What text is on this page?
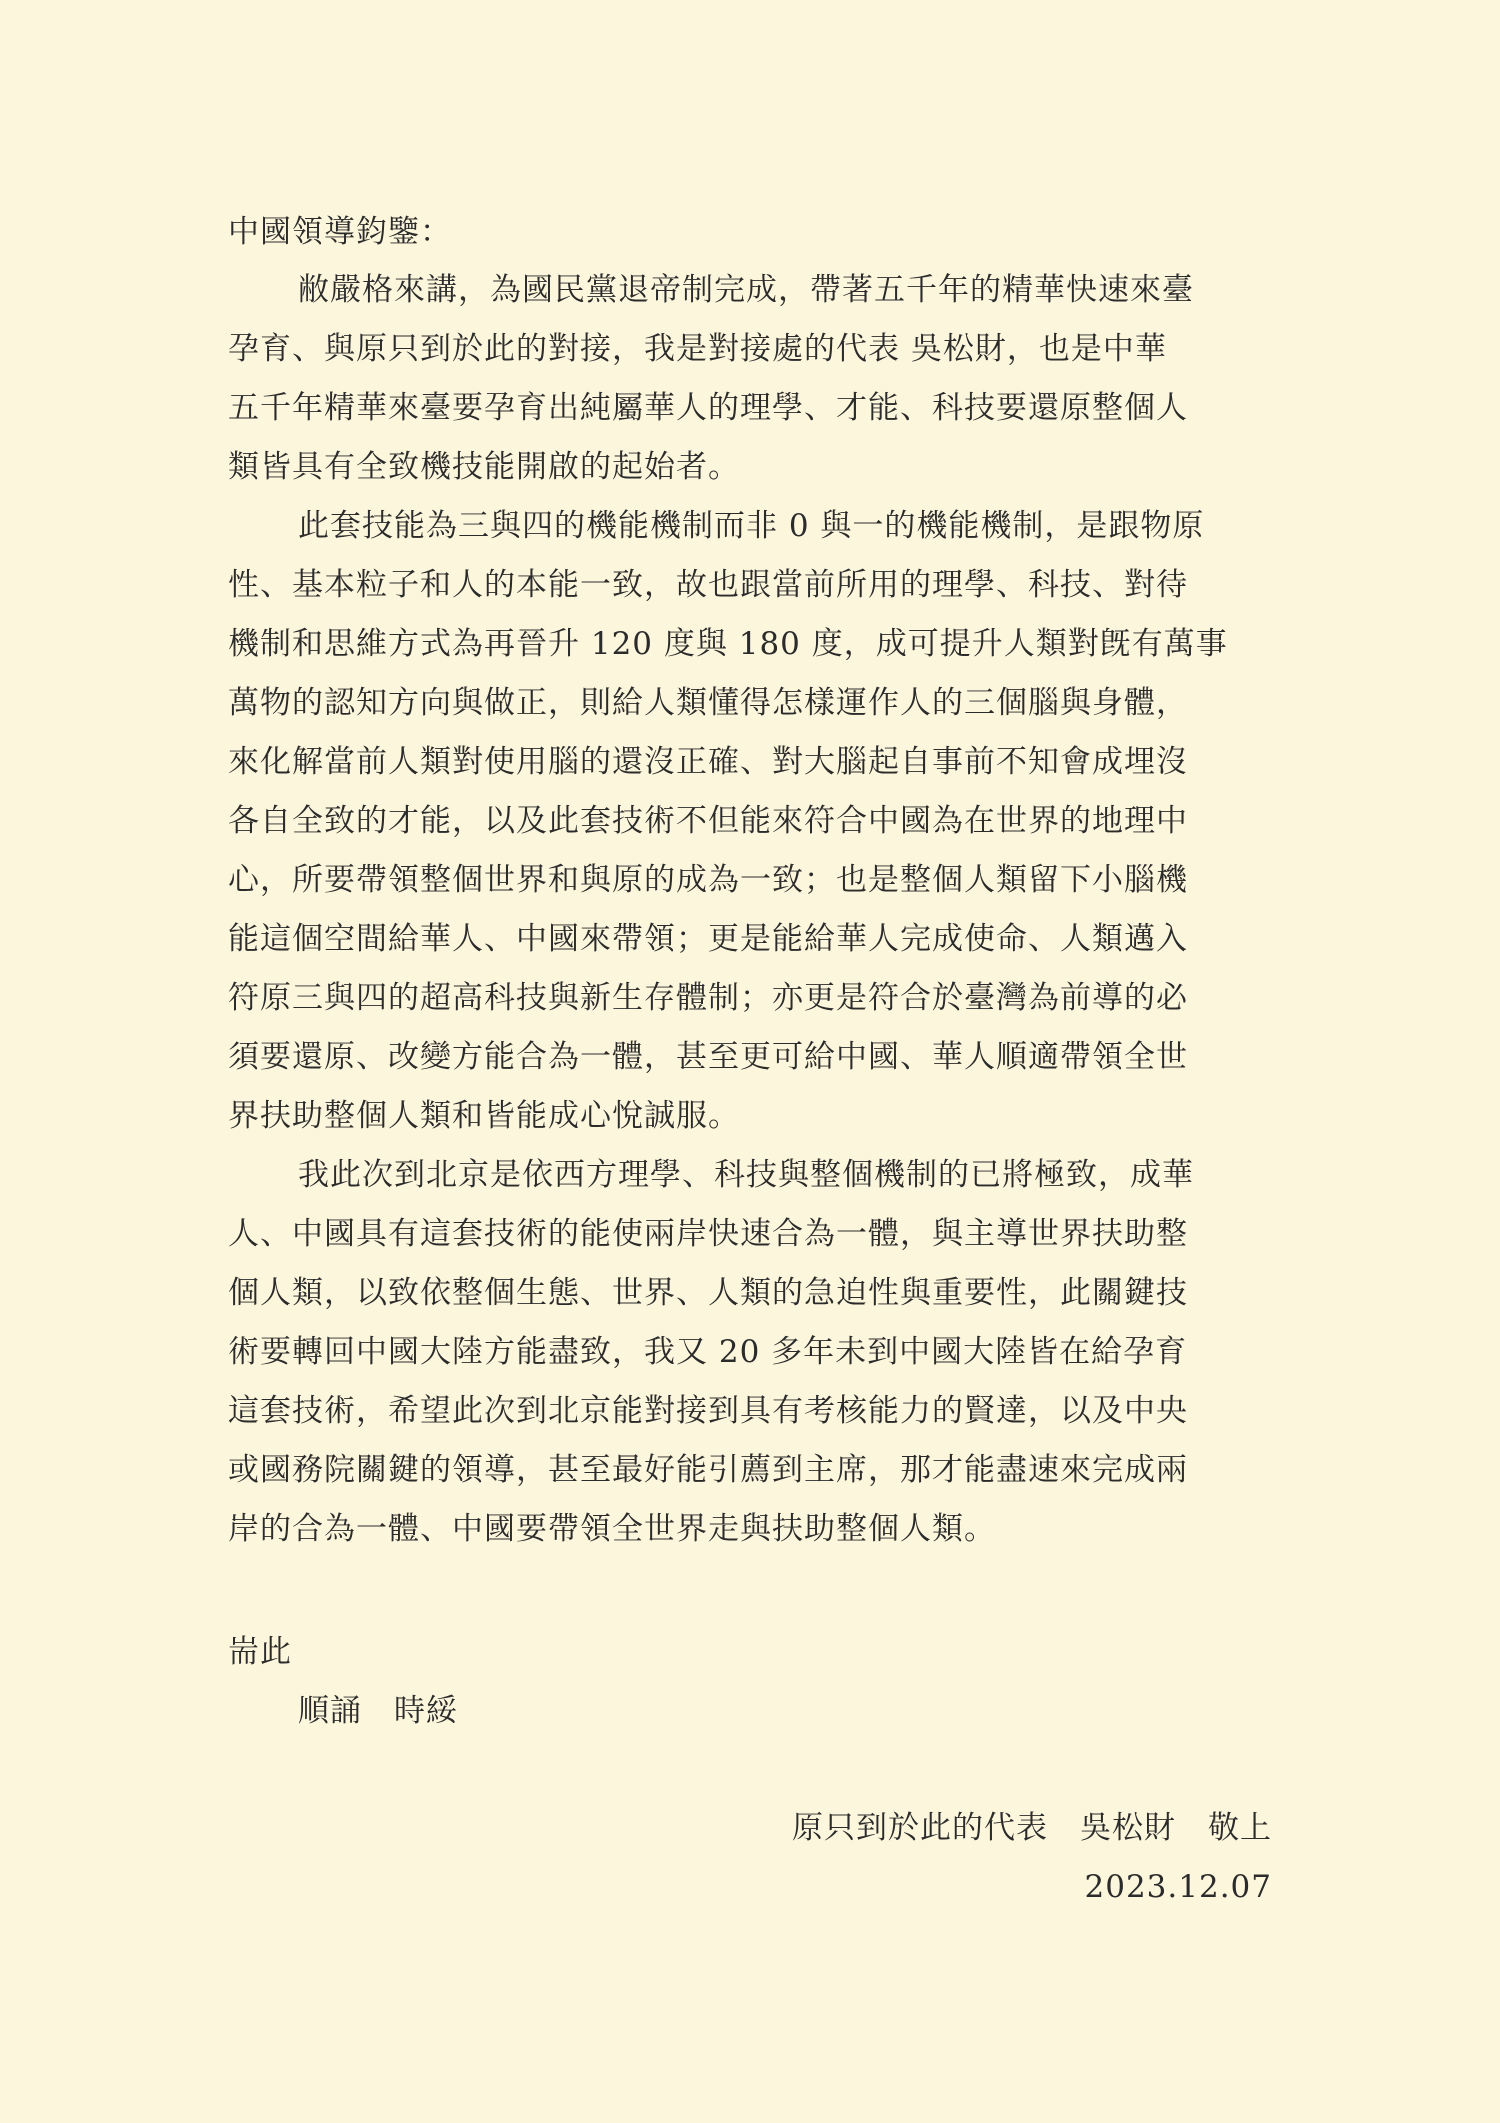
中國領導鈞鑒：
敝嚴格來講，為國民黨退帝制完成，帶著五千年的精華快速來臺
孕育、與原只到於此的對接，我是對接處的代表 吳松財，也是中華
五千年精華來臺要孕育出純屬華人的理學、才能、科技要還原整個人
類皆具有全致機技能開啟的起始者。
此套技能為三與四的機能機制而非 0 與一的機能機制，是跟物原
性、基本粒子和人的本能一致，故也跟當前所用的理學、科技、對待
機制和思維方式為再晉升 120 度與 180 度，成可提升人類對旣有萬事
萬物的認知方向與做正，則給人類懂得怎樣運作人的三個腦與身體，
來化解當前人類對使用腦的還沒正確、對大腦起自事前不知會成埋沒
各自全致的才能，以及此套技術不但能來符合中國為在世界的地理中
心，所要帶領整個世界和與原的成為一致；也是整個人類留下小腦機
能這個空間給華人、中國來帶領；更是能給華人完成使命、人類邁入
符原三與四的超高科技與新生存體制；亦更是符合於臺灣為前導的必
須要還原、改變方能合為一體，甚至更可給中國、華人順適帶領全世
界扶助整個人類和皆能成心悅誠服。
我此次到北京是依西方理學、科技與整個機制的已將極致，成華
人、中國具有這套技術的能使兩岸快速合為一體，與主導世界扶助整
個人類，以致依整個生態、世界、人類的急迫性與重要性，此關鍵技
術要轉回中國大陸方能盡致，我又 20 多年未到中國大陸皆在給孕育
這套技術，希望此次到北京能對接到具有考核能力的賢達，以及中央
或國務院關鍵的領導，甚至最好能引薦到主席，那才能盡速來完成兩
岸的合為一體、中國要帶領全世界走與扶助整個人類。
耑此
順誦　時綏
原只到於此的代表　吳松財　敬上
2023.12.07
